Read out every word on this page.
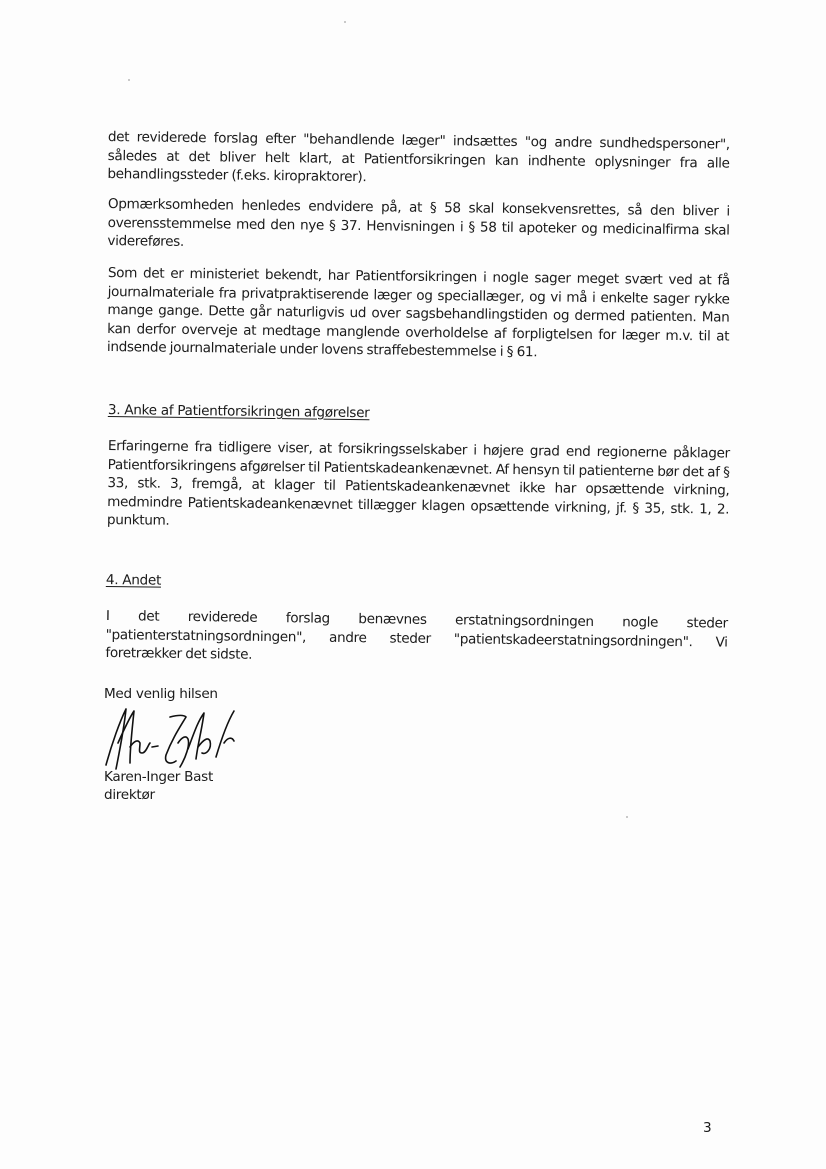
det reviderede forslag efter "behandlende læger" indsættes "og andre sundhedspersoner", således at det bliver helt klart, at Patientforsikringen kan indhente oplysninger fra alle behandlingssteder (f.eks. kiropraktorer).
Opmærksomheden henledes endvidere på, at § 58 skal konsekvensrettes, så den bliver i overensstemmelse med den nye § 37. Henvisningen i § 58 til apoteker og medicinalfirma skal videreføres.
Som det er ministeriet bekendt, har Patientforsikringen i nogle sager meget svært ved at få journalmateriale fra privatpraktiserende læger og speciallæger, og vi må i enkelte sager rykke mange gange. Dette går naturligvis ud over sagsbehandlingstiden og dermed patienten. Man kan derfor overveje at medtage manglende overholdelse af forpligtelsen for læger m.v. til at indsende journalmateriale under lovens straffebestemmelse i § 61.
3. Anke af Patientforsikringen afgørelser
Erfaringerne fra tidligere viser, at forsikringsselskaber i højere grad end regionerne påklager Patientforsikringens afgørelser til Patientskadeankenævnet. Af hensyn til patienterne bør det af § 33, stk. 3, fremgå, at klager til Patientskadeankenævnet ikke har opsættende virkning, medmindre Patientskadeankenævnet tillægger klagen opsættende virkning, jf. § 35, stk. 1, 2. punktum.
4. Andet
I det reviderede forslag benævnes erstatningsordningen nogle steder "patienterstatningsordningen", andre steder "patientskadeerstatningsordningen". Vi foretrækker det sidste.
Med venlig hilsen
Karen-Inger Bast
direktør
3
